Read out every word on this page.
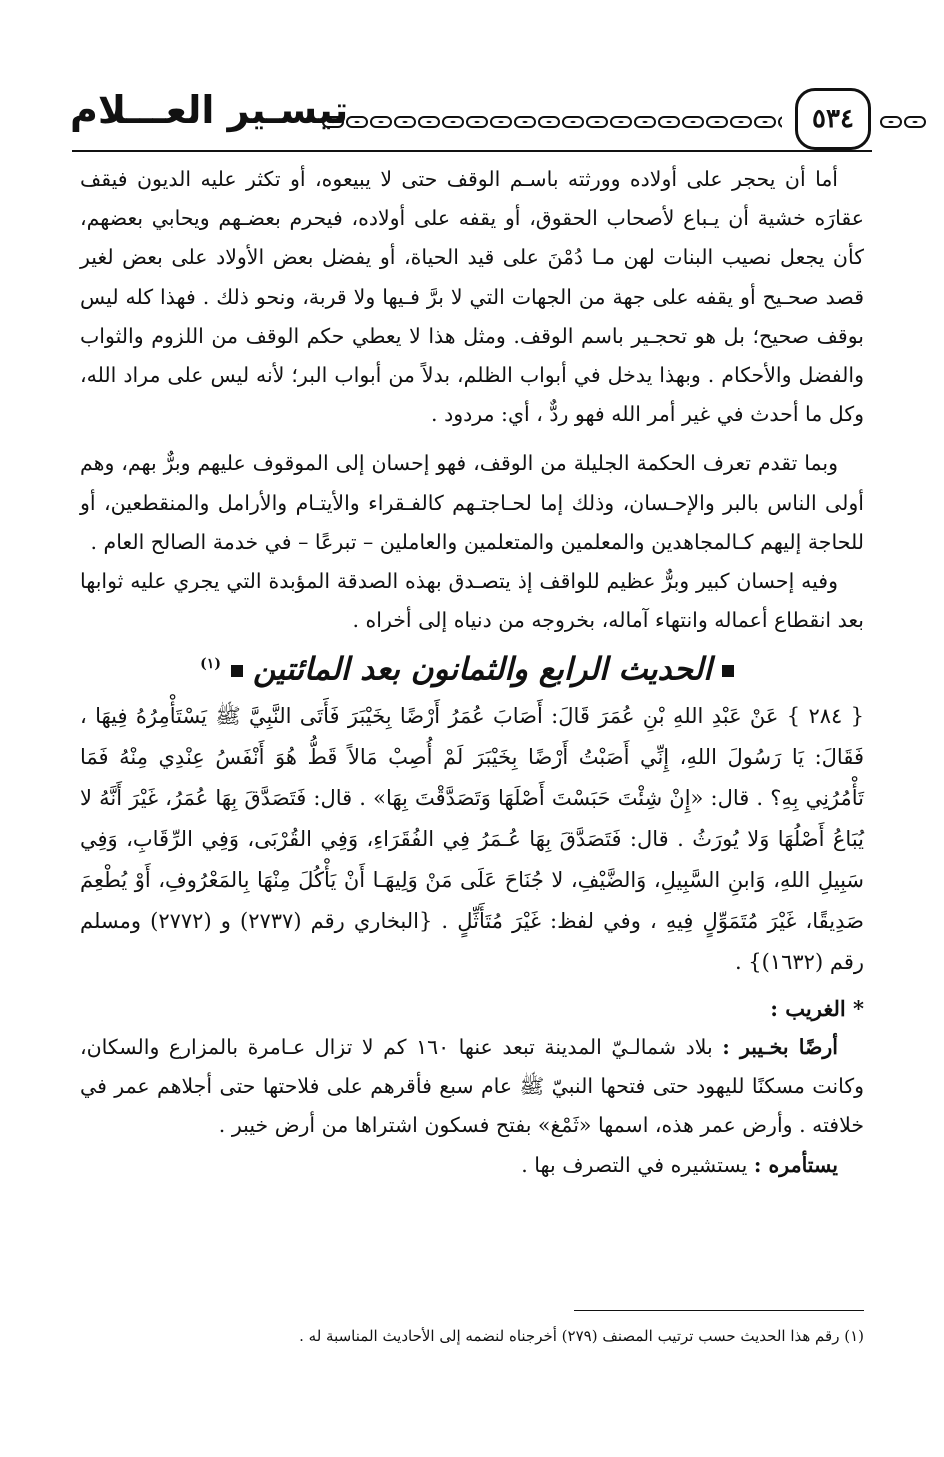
٥٣٤
تيسـير العـــلام

أما أن يحجر على أولاده وورثته باسـم الوقف حتى لا يبيعوه، أو تكثر عليه الديون فيقف عقارَه خشية أن يـباع لأصحاب الحقوق، أو يقفه على أولاده، فيحرم بعضـهم ويحابي بعضهم، كأن يجعل نصيب البنات لهن مـا دُمْنَ على قيد الحياة، أو يفضل بعض الأولاد على بعض لغير قصد صحـيح أو يقفه على جهة من الجهات التي لا برَّ فـيها ولا قربة، ونحو ذلك . فهذا كله ليس بوقف صحيح؛ بل هو تحجـير باسم الوقف. ومثل هذا لا يعطي حكم الوقف من اللزوم والثواب والفضل والأحكام . وبهذا يدخل في أبواب الظلم، بدلاً من أبواب البر؛ لأنه ليس على مراد الله، وكل ما أحدث في غير أمر الله فهو ردٌّ ، أي: مردود .

وبما تقدم تعرف الحكمة الجليلة من الوقف، فهو إحسان إلى الموقوف عليهم وبرٌّ بهم، وهم أولى الناس بالبر والإحـسان، وذلك إما لحـاجتـهم كالفـقراء والأيتـام والأرامل والمنقطعين، أو للحاجة إليهم كـالمجاهدين والمعلمين والمتعلمين والعاملين – تبرعًا – في خدمة الصالح العام .

وفيه إحسان كبير وبرٌّ عظيم للواقف إذ يتصـدق بهذه الصدقة المؤبدة التي يجري عليه ثوابها بعد انقطاع أعماله وانتهاء آماله، بخروجه من دنياه إلى أخراه .

الحديث الرابع والثمانون بعد المائتين$^{(١)}$

{ ٢٨٤ } عَنْ عَبْدِ اللهِ بْنِ عُمَرَ قَالَ: أَصَابَ عُمَرُ أَرْضًا بِخَيْبَرَ فَأَتَى النَّبِيَّ ﷺ يَسْتَأْمِرُهُ فِيهَا ، فَقَالَ: يَا رَسُولَ اللهِ، إِنِّي أَصَبْتُ أَرْضًا بِخَيْبَرَ لَمْ أُصِبْ مَالاً قَطُّ هُوَ أَنْفَسُ عِنْدِي مِنْهُ فَمَا تَأْمُرُنِي بِهِ؟ . قال: «إِنْ شِئْتَ حَبَسْتَ أَصْلَهَا وَتَصَدَّقْتَ بِهَا» . قال: فَتَصَدَّقَ بِهَا عُمَرُ، غَيْرَ أَنَّهُ لا يُبَاعُ أَصْلُهَا وَلا يُورَثُ . قال: فَتَصَدَّقَ بِهَا عُـمَرُ فِي الفُقَرَاءِ، وَفِي القُرْبَى، وَفِي الرِّقَابِ، وَفِي سَبِيلِ اللهِ، وَابنِ السَّبِيلِ، وَالضَّيْفِ، لا جُنَاحَ عَلَى مَنْ وَلِيهَـا أَنْ يَأْكُلَ مِنْهَا بِالمَعْرُوفِ، أَوْ يُطْعِمَ صَدِيقًا، غَيْرَ مُتَمَوِّلٍ فِيهِ ، وفي لفظ: غَيْرَ مُتَأَثِّلٍ . {البخاري رقم (٢٧٣٧) و (٢٧٧٢) ومسلم رقم (١٦٣٢)} .

* الغريب :

أرضًا بخـيبر : بلاد شمالـيّ المدينة تبعد عنها ١٦٠ كم لا تزال عـامرة بالمزارع والسكان، وكانت مسكنًا لليهود حتى فتحها النبيّ ﷺ عام سبع فأقرهم على فلاحتها حتى أجلاهم عمر في خلافته . وأرض عمر هذه، اسمها «ثَمْغ» بفتح فسكون اشتراها من أرض خيبر .

يستأمره : يستشيره في التصرف بها .

(١) رقم هذا الحديث حسب ترتيب المصنف (٢٧٩) أخرجناه لنضمه إلى الأحاديث المناسبة له .
